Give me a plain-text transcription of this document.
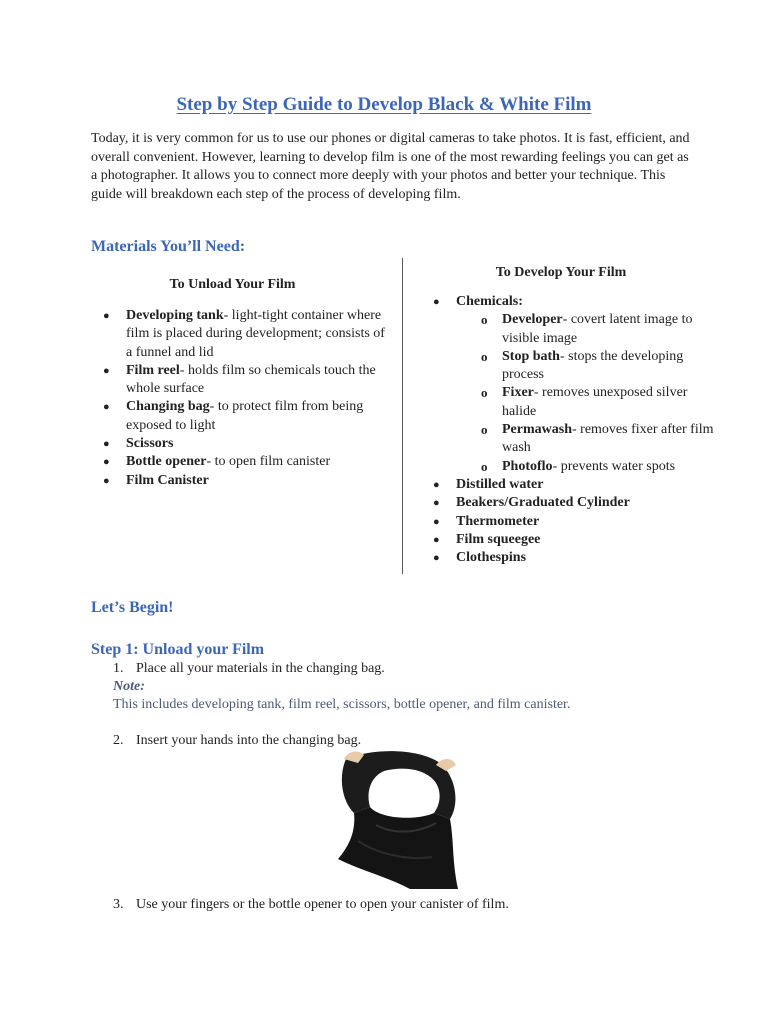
Step by Step Guide to Develop Black & White Film
Today, it is very common for us to use our phones or digital cameras to take photos. It is fast, efficient, and overall convenient. However, learning to develop film is one of the most rewarding feelings you can get as a photographer. It allows you to connect more deeply with your photos and better your technique. This guide will breakdown each step of the process of developing film.
Materials You’ll Need:
To Unload Your Film
● Developing tank- light-tight container where film is placed during development; consists of a funnel and lid
● Film reel- holds film so chemicals touch the whole surface
● Changing bag- to protect film from being exposed to light
● Scissors
● Bottle opener- to open film canister
● Film Canister
To Develop Your Film
● Chemicals:
o Developer- covert latent image to visible image
o Stop bath- stops the developing process
o Fixer- removes unexposed silver halide
o Permawash- removes fixer after film wash
o Photoflo- prevents water spots
● Distilled water
● Beakers/Graduated Cylinder
● Thermometer
● Film squeegee
● Clothespins
Let’s Begin!
Step 1: Unload your Film
1. Place all your materials in the changing bag.
Note:
This includes developing tank, film reel, scissors, bottle opener, and film canister.
2. Insert your hands into the changing bag.
3. Use your fingers or the bottle opener to open your canister of film.
